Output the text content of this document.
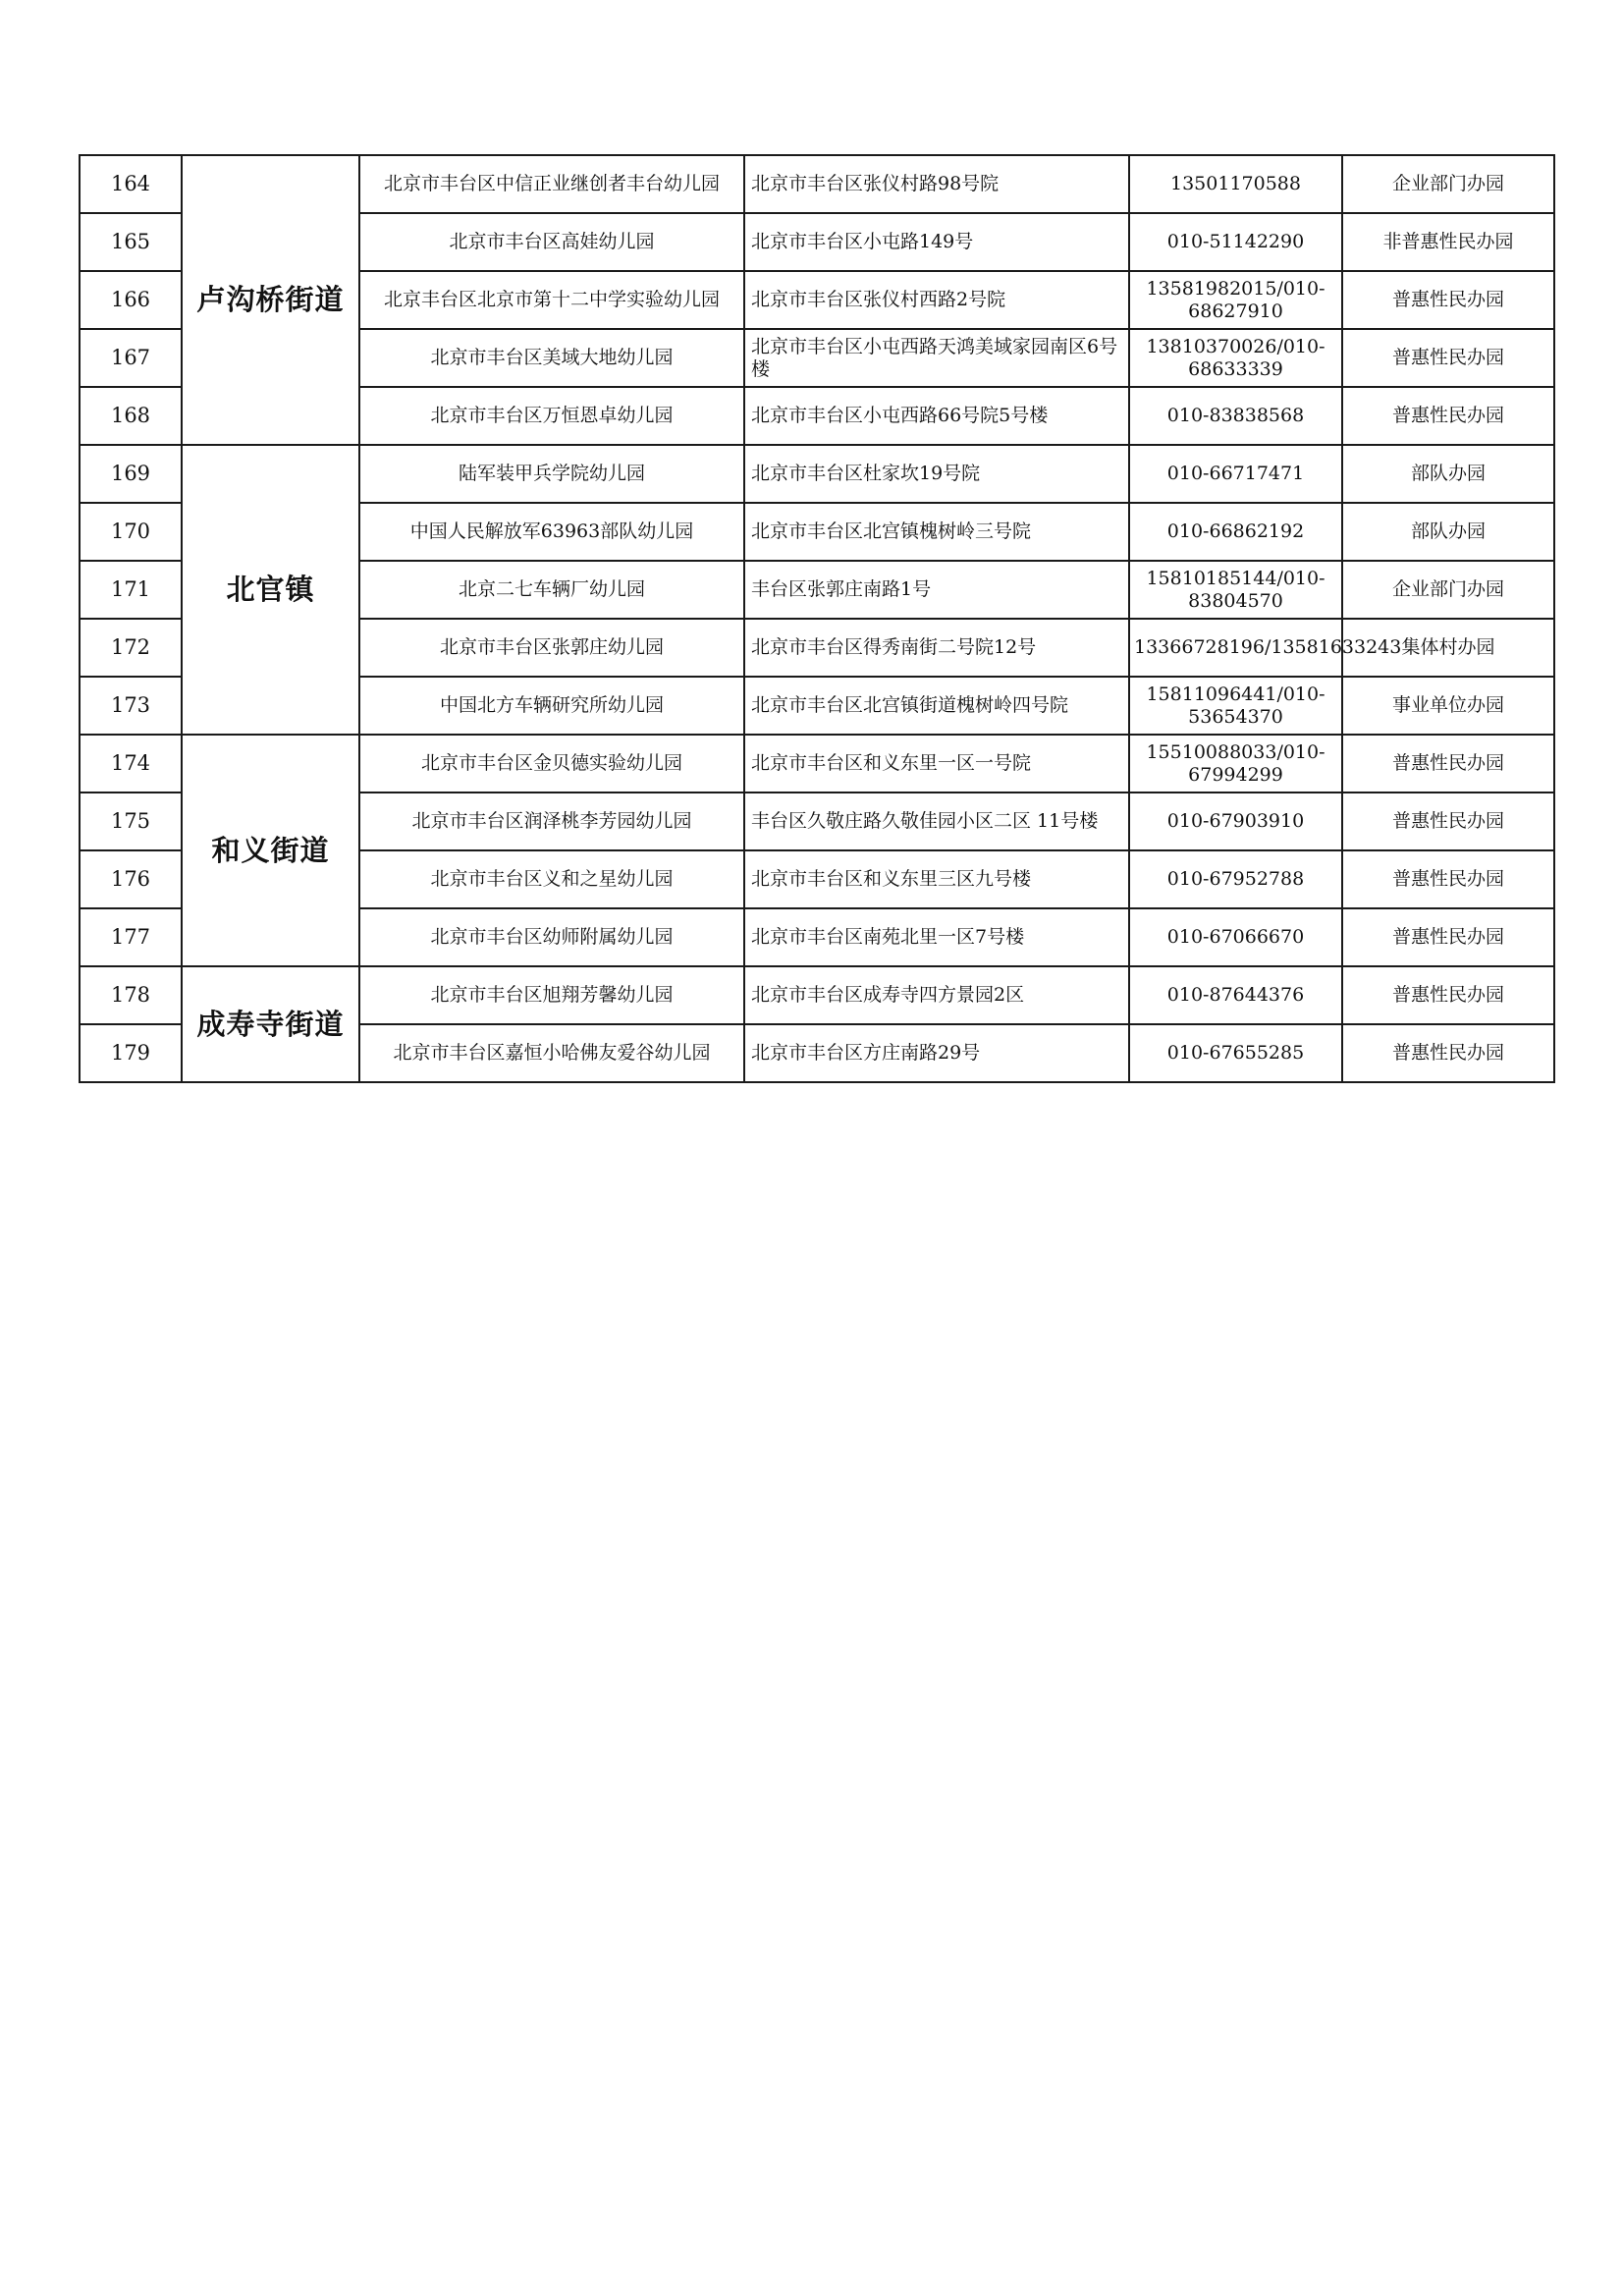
164	卢沟桥街道	北京市丰台区中信正业继创者丰台幼儿园	北京市丰台区张仪村路98号院	13501170588	企业部门办园
165		北京市丰台区高娃幼儿园	北京市丰台区小屯路149号	010-51142290	非普惠性民办园
166		北京丰台区北京市第十二中学实验幼儿园	北京市丰台区张仪村西路2号院	13581982015/010-68627910	普惠性民办园
167		北京市丰台区美域大地幼儿园	北京市丰台区小屯西路天鸿美域家园南区6号楼	13810370026/010-68633339	普惠性民办园
168		北京市丰台区万恒恩卓幼儿园	北京市丰台区小屯西路66号院5号楼	010-83838568	普惠性民办园
169	北官镇	陆军装甲兵学院幼儿园	北京市丰台区杜家坎19号院	010-66717471	部队办园
170		中国人民解放军63963部队幼儿园	北京市丰台区北宫镇槐树岭三号院	010-66862192	部队办园
171		北京二七车辆厂幼儿园	丰台区张郭庄南路1号	15810185144/010-83804570	企业部门办园
172		北京市丰台区张郭庄幼儿园	北京市丰台区得秀南街二号院12号	13366728196/13581633243	集体村办园
173		中国北方车辆研究所幼儿园	北京市丰台区北宫镇街道槐树岭四号院	15811096441/010-53654370	事业单位办园
174	和义街道	北京市丰台区金贝德实验幼儿园	北京市丰台区和义东里一区一号院	15510088033/010-67994299	普惠性民办园
175		北京市丰台区润泽桃李芳园幼儿园	丰台区久敬庄路久敬佳园小区二区 11号楼	010-67903910	普惠性民办园
176		北京市丰台区义和之星幼儿园	北京市丰台区和义东里三区九号楼	010-67952788	普惠性民办园
177		北京市丰台区幼师附属幼儿园	北京市丰台区南苑北里一区7号楼	010-67066670	普惠性民办园
178	成寿寺街道	北京市丰台区旭翔芳馨幼儿园	北京市丰台区成寿寺四方景园2区	010-87644376	普惠性民办园
179		北京市丰台区嘉恒小哈佛友爱谷幼儿园	北京市丰台区方庄南路29号	010-67655285	普惠性民办园
